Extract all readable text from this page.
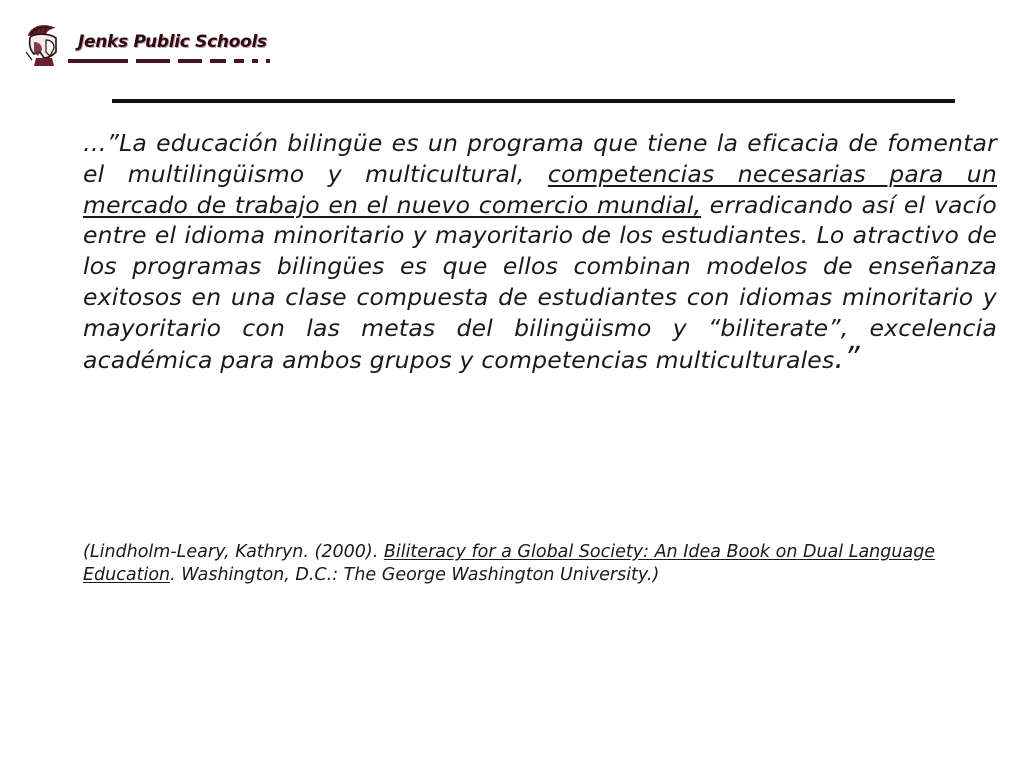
Jenks Public Schools
…”La educación bilingüe es un programa que tiene la eficacia de fomentar el multilingüismo y multicultural, competencias necesarias para un mercado de trabajo en el nuevo comercio mundial, erradicando así el vacío entre el idioma minoritario y mayoritario de los estudiantes. Lo atractivo de los programas bilingües es que ellos combinan modelos de enseñanza exitosos en una clase compuesta de estudiantes con idiomas minoritario y mayoritario con las metas del bilingüismo y “biliterate”, excelencia académica para ambos grupos y competencias multiculturales.”
(Lindholm-Leary, Kathryn. (2000). Biliteracy for a Global Society: An Idea Book on Dual Language Education. Washington, D.C.: The George Washington University.)
